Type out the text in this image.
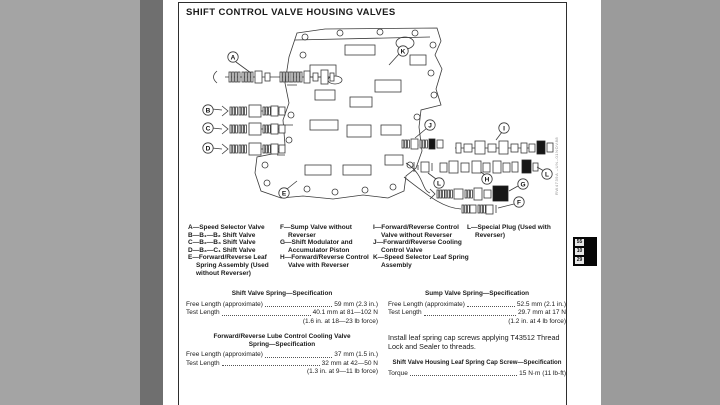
SHIFT CONTROL VALVE HOUSING VALVES
A
B
C
D
E
F
G
H
I
J
K
L
L RW4739A –UN–01NOV88
A—Speed Selector Valve
B—B₁—B₂ Shift Valve
C—B₂—B₃ Shift Valve
D—B₃—C₁ Shift Valve
E—Forward/Reverse Leaf Spring Assembly (Used without Reverser)
F—Sump Valve without Reverser
G—Shift Modulator and Accumulator Piston
H—Forward/Reverse Control Valve with Reverser
I—Forward/Reverse Control Valve without Reverser
J—Forward/Reverse Cooling Control Valve
K—Speed Selector Leaf Spring Assembly
L—Special Plug (Used with Reverser)
Shift Valve Spring—Specification
Free Length (approximate)	59 mm (2.3 in.)
Test Length	40.1 mm at 81—102 N
(1.6 in. at 18—23 lb force)
Sump Valve Spring—Specification
Free Length (approximate)	52.5 mm (2.1 in.)
Test Length	29.7 mm at 17 N
(1.2 in. at 4 lb force)
Forward/Reverse Lube Control Cooling Valve Spring—Specification
Free Length (approximate)	37 mm (1.5 in.)
Test Length	32 mm at 42—50 N
(1.3 in. at 9—11 lb force)
Install leaf spring cap screws applying T43512 Thread Lock and Sealer to threads.
Shift Valve Housing Leaf Spring Cap Screw—Specification
Torque	15 N·m (11 lb-ft)
55
10
29
